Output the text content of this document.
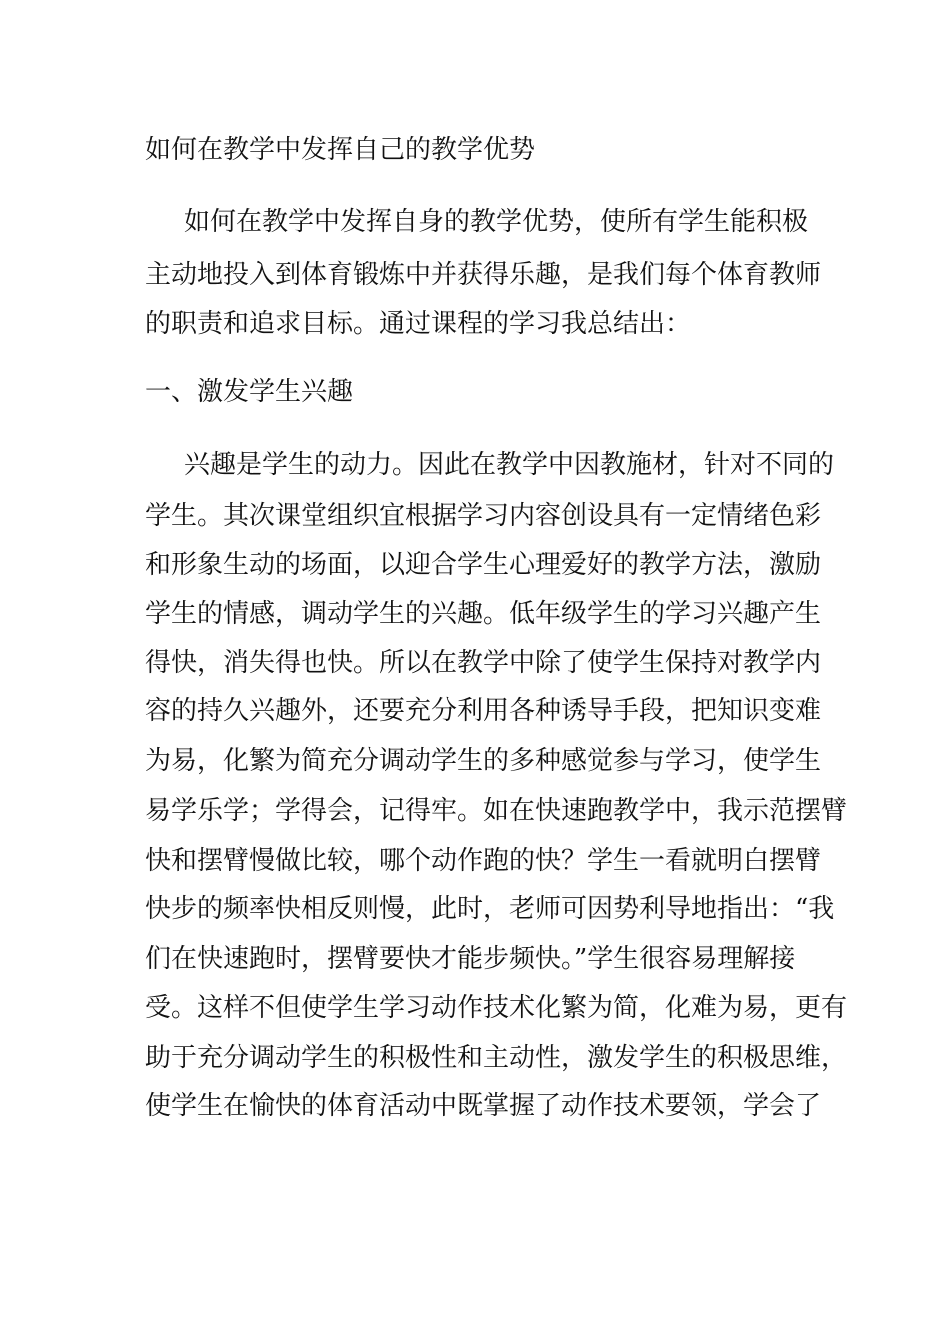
如何在教学中发挥自己的教学优势

如何在教学中发挥自身的教学优势，使所有学生能积极

主动地投入到体育锻炼中并获得乐趣，是我们每个体育教师

的职责和追求目标。通过课程的学习我总结出：

一、激发学生兴趣

兴趣是学生的动力。因此在教学中因教施材，针对不同的

学生。其次课堂组织宜根据学习内容创设具有一定情绪色彩

和形象生动的场面，以迎合学生心理爱好的教学方法，激励

学生的情感，调动学生的兴趣。低年级学生的学习兴趣产生

得快，消失得也快。所以在教学中除了使学生保持对教学内

容的持久兴趣外，还要充分利用各种诱导手段，把知识变难

为易，化繁为简充分调动学生的多种感觉参与学习，使学生

易学乐学；学得会，记得牢。如在快速跑教学中，我示范摆臂

快和摆臂慢做比较，哪个动作跑的快？学生一看就明白摆臂

快步的频率快相反则慢，此时，老师可因势利导地指出：“我

们在快速跑时，摆臂要快才能步频快。”学生很容易理解接

受。这样不但使学生学习动作技术化繁为简，化难为易，更有

助于充分调动学生的积极性和主动性，激发学生的积极思维，

使学生在愉快的体育活动中既掌握了动作技术要领，学会了
